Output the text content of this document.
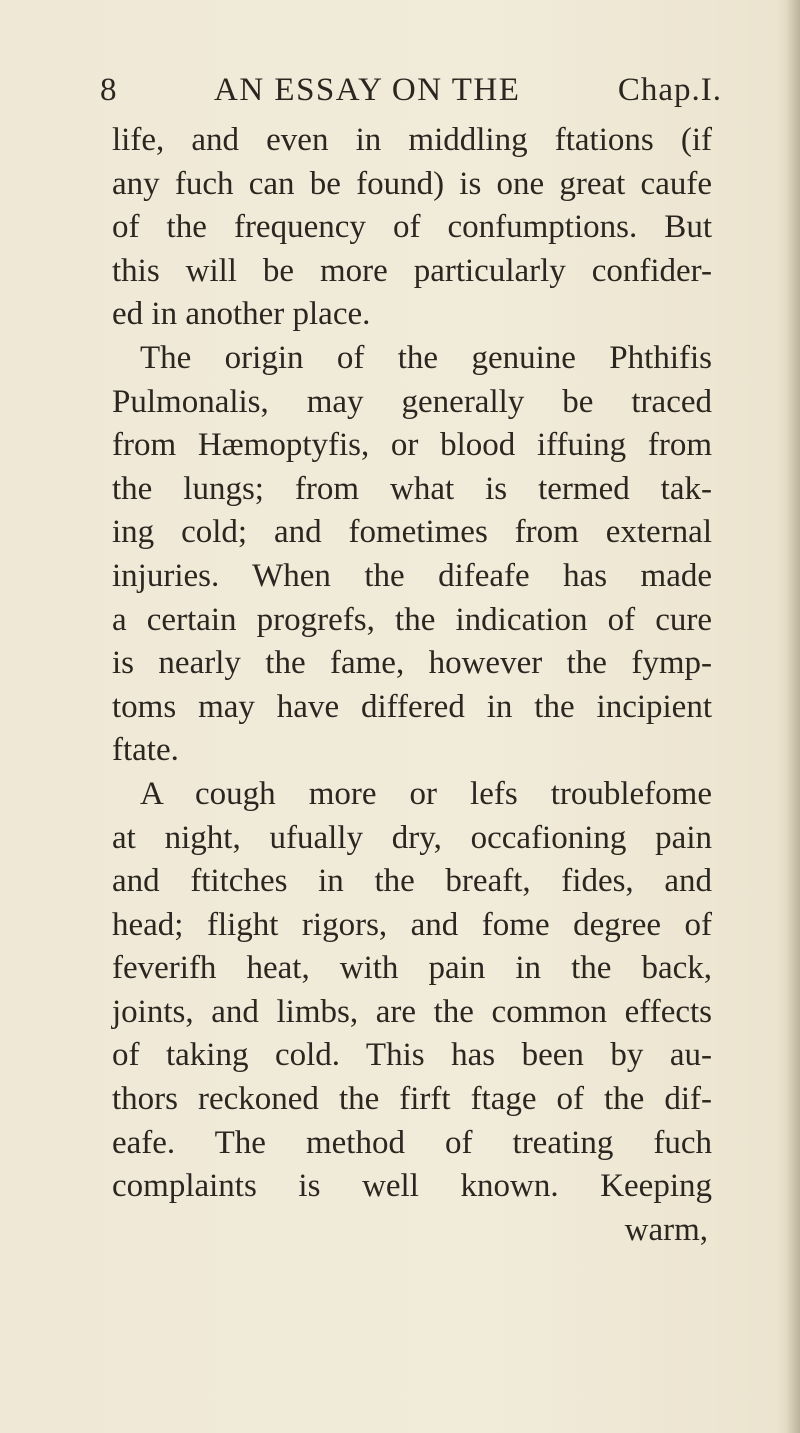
8	AN ESSAY ON THE	Chap.I.
life, and even in middling ftations (if
any fuch can be found) is one great caufe
of the frequency of confumptions. But
this will be more particularly confider-
ed in another place.
The origin of the genuine Phthifis
Pulmonalis, may generally be traced
from Hæmoptyfis, or blood iffuing from
the lungs; from what is termed tak-
ing cold; and fometimes from external
injuries. When the difeafe has made
a certain progrefs, the indication of cure
is nearly the fame, however the fymp-
toms may have differed in the incipient
ftate.
A cough more or lefs troublefome
at night, ufually dry, occafioning pain
and ftitches in the breaft, fides, and
head; flight rigors, and fome degree of
feverifh heat, with pain in the back,
joints, and limbs, are the common effects
of taking cold. This has been by au-
thors reckoned the firft ftage of the dif-
eafe. The method of treating fuch
complaints is well known. Keeping
warm,
